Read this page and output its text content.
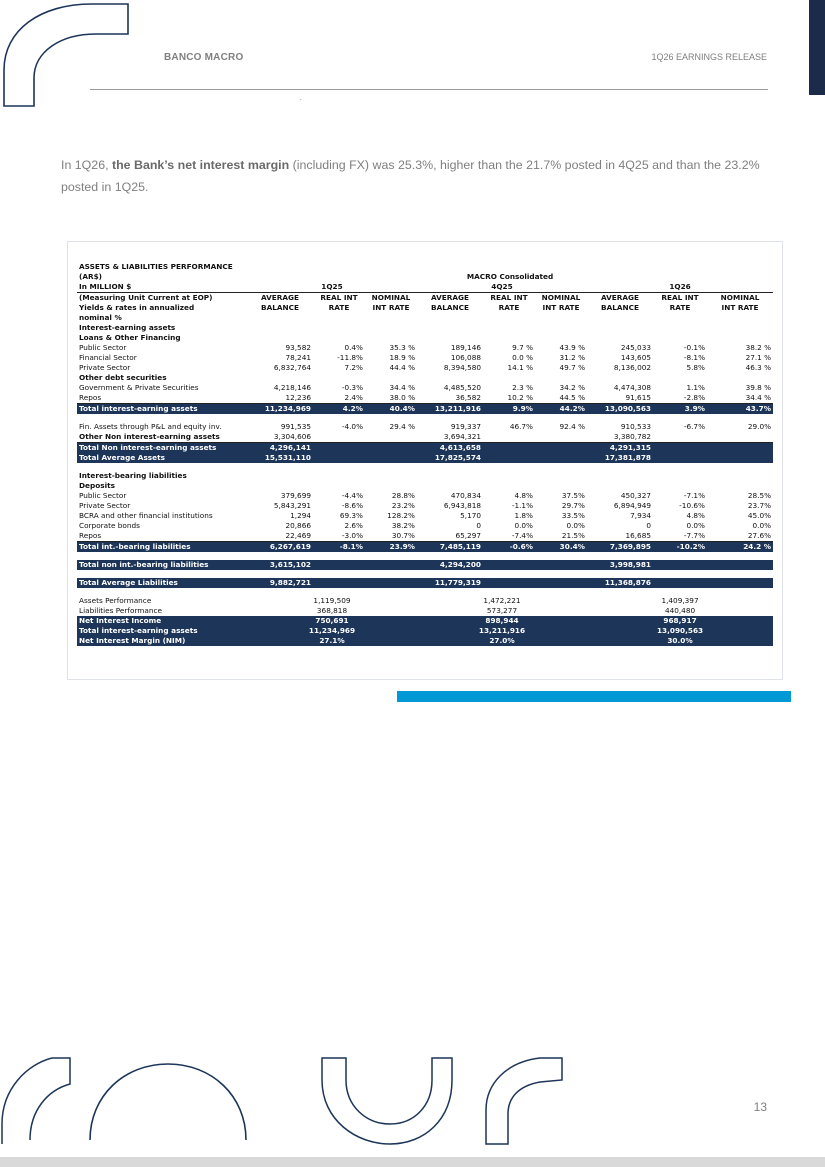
BANCO MACRO	1Q26 EARNINGS RELEASE
.
In 1Q26, the Bank’s net interest margin (including FX) was 25.3%, higher than the 21.7% posted in 4Q25 and than the 23.2% posted in 1Q25.
ASSETS & LIABILITIES PERFORMANCE									
(AR$)	MACRO Consolidated								
In MILLION $	1Q25			4Q25			1Q26		
(Measuring Unit Current at EOP)	AVERAGE	REAL INT	NOMINAL	AVERAGE	REAL INT	NOMINAL	AVERAGE	REAL INT	NOMINAL
Yields & rates in annualized	BALANCE	RATE	INT RATE	BALANCE	RATE	INT RATE	BALANCE	RATE	INT RATE
nominal %									
Interest-earning assets									
Loans & Other Financing									
Public Sector	93,582	0.4%	35.3 %	189,146	9.7 %	43.9 %	245,033	-0.1%	38.2 %
Financial Sector	78,241	-11.8%	18.9 %	106,088	0.0 %	31.2 %	143,605	-8.1%	27.1 %
Private Sector	6,832,764	7.2%	44.4 %	8,394,580	14.1 %	49.7 %	8,136,002	5.8%	46.3 %
Other debt securities									
Government & Private Securities	4,218,146	-0.3%	34.4 %	4,485,520	2.3 %	34.2 %	4,474,308	1.1%	39.8 %
Repos	12,236	2.4%	38.0 %	36,582	10.2 %	44.5 %	91,615	-2.8%	34.4 %
Total interest-earning assets	11,234,969	4.2%	40.4%	13,211,916	9.9%	44.2%	13,090,563	3.9%	43.7%

Fin. Assets through P&L and equity inv.	991,535	-4.0%	29.4 %	919,337	46.7%	92.4 %	910,533	-6.7%	29.0%
Other Non interest-earning assets	3,304,606			3,694,321			3,380,782		
Total Non interest-earning assets	4,296,141			4,613,658			4,291,315		
Total Average Assets	15,531,110			17,825,574			17,381,878		

Interest-bearing liabilities									
Deposits									
Public Sector	379,699	-4.4%	28.8%	470,834	4.8%	37.5%	450,327	-7.1%	28.5%
Private Sector	5,843,291	-8.6%	23.2%	6,943,818	-1.1%	29.7%	6,894,949	-10.6%	23.7%
BCRA and other financial institutions	1,294	69.3%	128.2%	5,170	1.8%	33.5%	7,934	4.8%	45.0%
Corporate bonds	20,866	2.6%	38.2%	0	0.0%	0.0%	0	0.0%	0.0%
Repos	22,469	-3.0%	30.7%	65,297	-7.4%	21.5%	16,685	-7.7%	27.6%
Total int.-bearing liabilities	6,267,619	-8.1%	23.9%	7,485,119	-0.6%	30.4%	7,369,895	-10.2%	24.2 %

Total non int.-bearing liabilities	3,615,102			4,294,200			3,998,981		

Total Average Liabilities	9,882,721			11,779,319			11,368,876		

Assets Performance	1,119,509			1,472,221			1,409,397		
Liabilities Performance	368,818			573,277			440,480		
Net Interest Income	750,691			898,944			968,917		
Total interest-earning assets	11,234,969			13,211,916			13,090,563		
Net Interest Margin (NIM)	27.1%			27.0%			30.0%		
13
